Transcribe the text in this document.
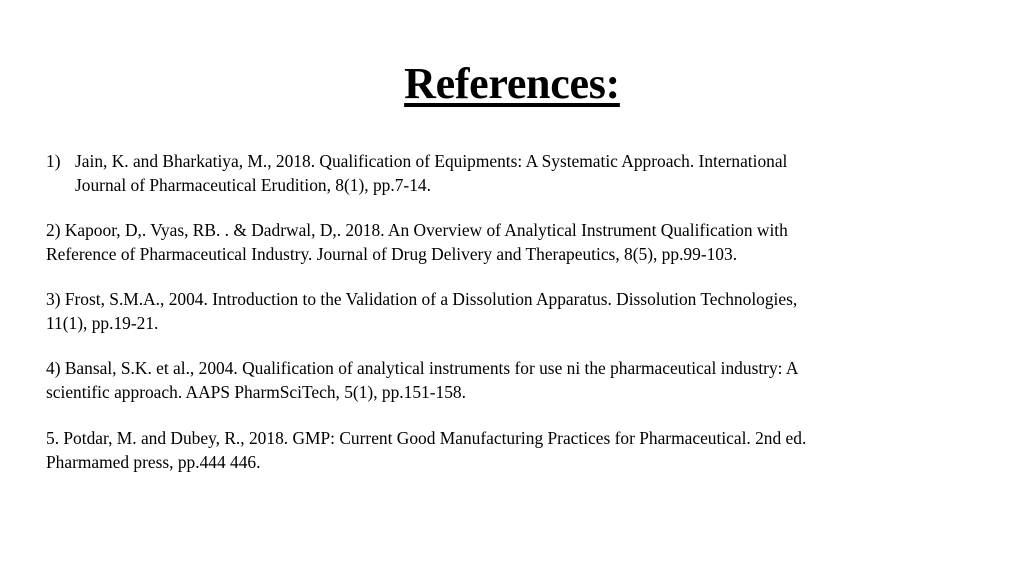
References:
1) Jain, K. and Bharkatiya, M., 2018. Qualification of Equipments: A Systematic Approach. International
Journal of Pharmaceutical Erudition, 8(1), pp.7-14.
2) Kapoor, D,. Vyas, RB. . & Dadrwal, D,. 2018. An Overview of Analytical Instrument Qualification with
Reference of Pharmaceutical Industry. Journal of Drug Delivery and Therapeutics, 8(5), pp.99-103.
3) Frost, S.M.A., 2004. Introduction to the Validation of a Dissolution Apparatus. Dissolution Technologies,
11(1), pp.19-21.
4) Bansal, S.K. et al., 2004. Qualification of analytical instruments for use ni the pharmaceutical industry: A
scientific approach. AAPS PharmSciTech, 5(1), pp.151-158.
5. Potdar, M. and Dubey, R., 2018. GMP: Current Good Manufacturing Practices for Pharmaceutical. 2nd ed.
Pharmamed press, pp.444 446.
